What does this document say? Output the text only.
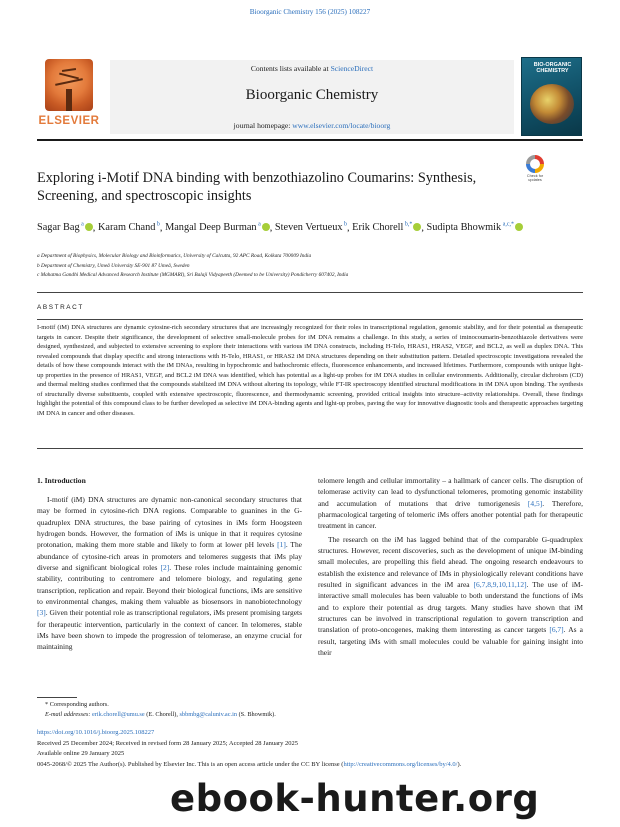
Bioorganic Chemistry 156 (2025) 108227
ELSEVIER
Contents lists available at ScienceDirect
Bioorganic Chemistry
journal homepage: www.elsevier.com/locate/bioorg
BIO-ORGANIC CHEMISTRY
Exploring i-Motif DNA binding with benzothiazolino Coumarins: Synthesis, Screening, and spectroscopic insights
Check for updates
Sagar Bag $^a$ , Karam Chand $^b$, Mangal Deep Burman $^a$ , Steven Vertueux $^b$, Erik Chorell $^{b,*}$ , Sudipta Bhowmik $^{a,c,*}$
a Department of Biophysics, Molecular Biology and Bioinformatics, University of Calcutta, 92 APC Road, Kolkata 700009 India
b Department of Chemistry, Umeå University SE-901 87 Umeå, Sweden
c Mahatma Gandhi Medical Advanced Research Institute (MGMARI), Sri Balaji Vidyapeeth (Deemed to be University) Pondicherry 607402, India
ABSTRACT
I-motif (iM) DNA structures are dynamic cytosine-rich secondary structures that are increasingly recognized for their roles in transcriptional regulation, genomic stability, and for their potential as therapeutic targets in cancer. Despite their significance, the development of selective small-molecule probes for iM DNA remains a challenge. In this study, a series of iminocoumarin-benzothiazole derivatives were designed, synthesized, and subjected to extensive screening to explore their interactions with various iM DNA constructs, including H-Telo, HRAS1, HRAS2, VEGF, and BCL2, as well as duplex DNA. This revealed compounds that display specific and strong interactions with H-Telo, HRAS1, or HRAS2 iM DNA structures depending on their substitution pattern. Detailed spectroscopic investigations revealed the details of how these compounds interact with the iM DNAs, resulting in hypochromic and bathochromic effects, fluorescence enhancements, and increased lifetimes. Furthermore, compounds with unique light-up properties in the presence of HRAS1, VEGF, and BCL2 iM DNA was identified, which has potential as a light-up probes for iM DNA studies in cellular environments. Additionally, circular dichroism (CD) and thermal melting studies confirmed that the compounds stabilized iM DNA without altering its topology, while FT-IR spectroscopy identified structural modifications in iM DNA upon binding. The synthesis of structurally diverse substituents, coupled with extensive spectroscopic, fluorescence, and thermodynamic screening, provided critical insights into structure–activity relationships. Overall, these findings highlight the potential of this compound class to be further developed as selective iM DNA-binding agents and light-up probes, paving the way for innovative diagnostic tools and therapeutic approaches targeting iM DNA in cancer and other diseases.
1. Introduction
I-motif (iM) DNA structures are dynamic non-canonical secondary structures that may be formed in cytosine-rich DNA regions. Comparable to guanines in the G-quadruplex DNA structures, the base pairing of cytosines in iMs form Hoogsteen hydrogen bonds. However, the formation of iMs is unique in that it requires cytosine protonation, making them more stable and likely to form at lower pH levels [1]. The abundance of cytosine-rich areas in promoters and telomeres suggests that iMs play diverse and significant biological roles [2]. These roles include maintaining genomic stability, contributing to centromere and telomere biology, and regulating gene transcription, replication and repair. Beyond their biological functions, iMs are sensitive to environmental changes, making them valuable as biosensors in nanobiotechnology [3]. Given their potential role as transcriptional regulators, iMs present promising targets for therapeutic intervention, particularly in the context of cancer. In telomeres, stable iMs have been shown to impede the progression of telomerase, an enzyme crucial for maintaining

telomere length and cellular immortality – a hallmark of cancer cells. The disruption of telomerase activity can lead to dysfunctional telomeres, promoting genomic instability and accumulation of mutations that drive tumorigenesis [4,5]. Therefore, pharmacological targeting of telomeric iMs offers another potential path for therapeutic treatment in cancer.

The research on the iM has lagged behind that of the comparable G-quadruplex structures. However, recent discoveries, such as the development of unique iM-binding small molecules, are propelling this field ahead. The ongoing research endeavours to establish the existence and relevance of IMs in physiologically relevant conditions have resulted in significant advances in the iM area [6,7,8,9,10,11,12]. The use of iM-interactive small molecules has been valuable to both understand the functions of iMs and to explore their potential as drug targets. Many studies have shown that iM structures can be involved in transcriptional regulation to govern transcription and translation of proto-oncogenes, making them interesting as cancer targets [6,7]. As a result, targeting iMs with small molecules could be valuable for gaining insight into their

* Corresponding authors.
E-mail addresses: erik.chorell@umu.se (E. Chorell), sbbmbg@caluniv.ac.in (S. Bhowmik).
https://doi.org/10.1016/j.bioorg.2025.108227
Received 25 December 2024; Received in revised form 28 January 2025; Accepted 28 January 2025
Available online 29 January 2025
0045-2068/© 2025 The Author(s). Published by Elsevier Inc. This is an open access article under the CC BY license (http://creativecommons.org/licenses/by/4.0/).
ebook-hunter.org
